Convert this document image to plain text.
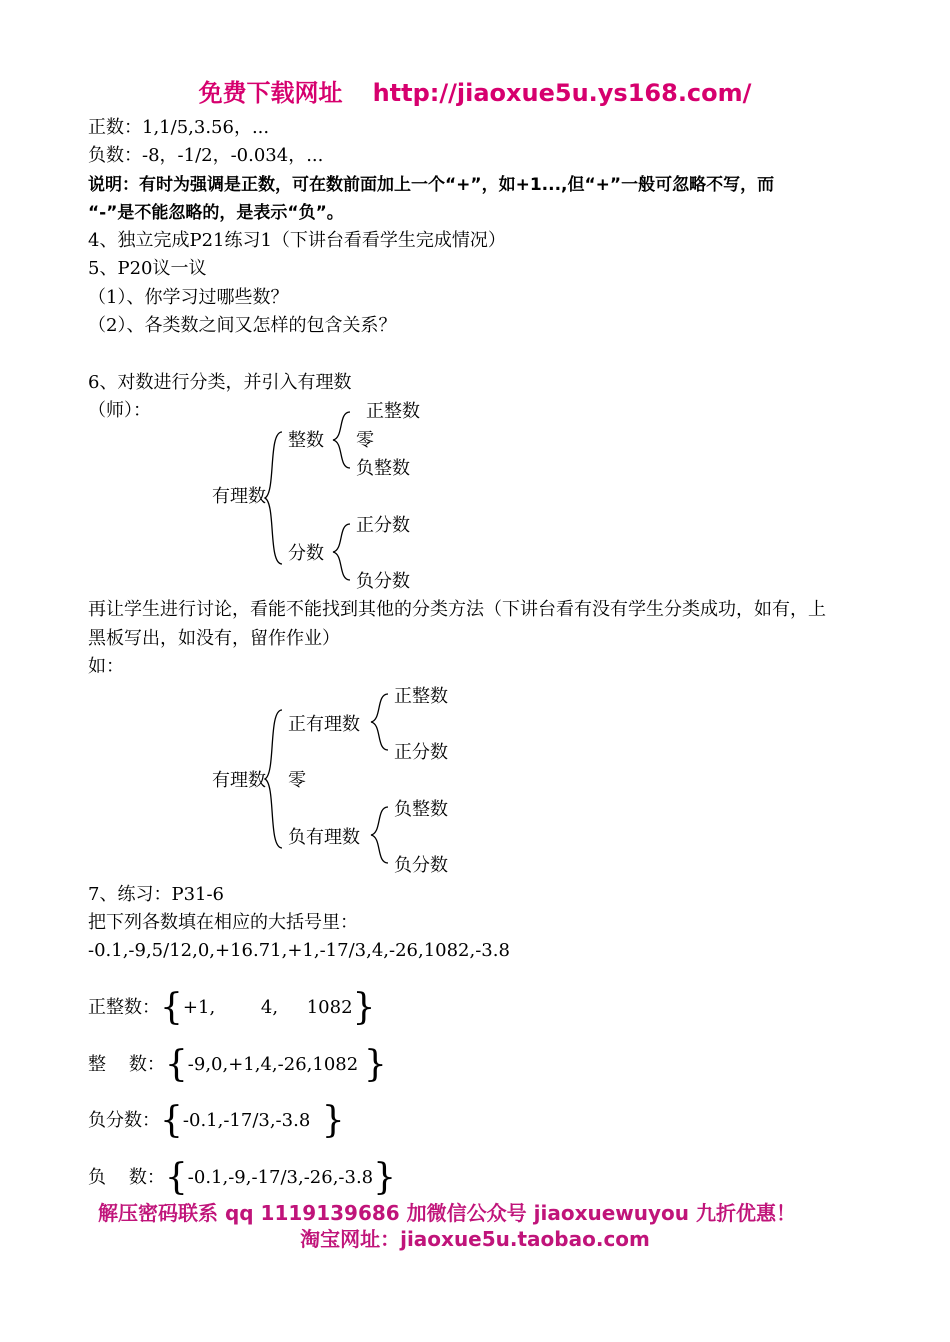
免费下载网址 http://jiaoxue5u.ys168.com/
正数：1,1/5,3.56，...
负数：-8，-1/2，-0.034，...
说明：有时为强调是正数，可在数前面加上一个“+”，如+1...,但“+”一般可忽略不写，而
“-”是不能忽略的，是表示“负”。
4、独立完成P21练习1（下讲台看看学生完成情况）
5、P20议一议
（1）、你学习过哪些数？
（2）、各类数之间又怎样的包含关系？
6、对数进行分类，并引入有理数
（师）：
有理数
整数
正整数
零
负整数
分数
正分数
负分数
再让学生进行讨论，看能不能找到其他的分类方法（下讲台看有没有学生分类成功，如有，上
黑板写出，如没有，留作作业）
如：
有理数
正有理数
正整数
正分数
零
负有理数
负整数
负分数
7、练习：P31-6
把下列各数填在相应的大括号里：
-0.1,-9,5/12,0,+16.71,+1,-17/3,4,-26,1082,-3.8
正整数：{+1,        4,     1082}
整    数：{-9,0,+1,4,-26,1082 }
负分数：{-0.1,-17/3,-3.8  }
负    数：{-0.1,-9,-17/3,-26,-3.8}
解压密码联系 qq 1119139686 加微信公众号 jiaoxuewuyou 九折优惠！
淘宝网址：jiaoxue5u.taobao.com
